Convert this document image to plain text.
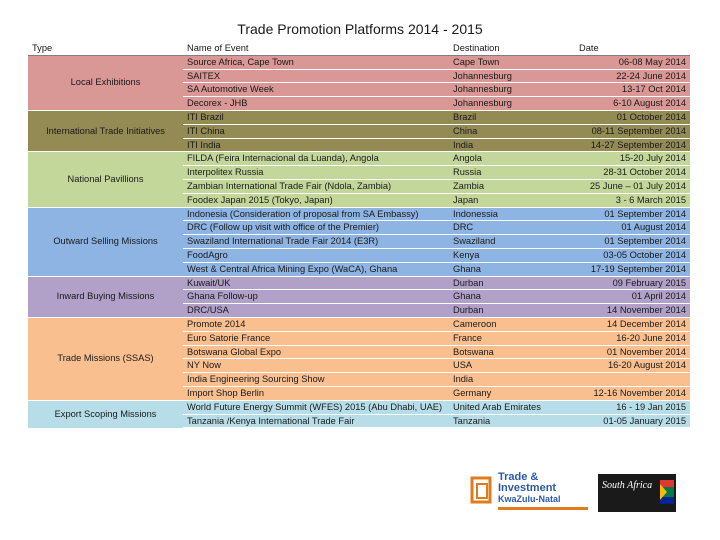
Trade Promotion Platforms 2014 - 2015
Type	Name of Event	Destination	Date
Local Exhibitions	Source Africa, Cape Town	Cape Town	06-08 May 2014
	SAITEX	Johannesburg	22-24 June 2014
	SA Automotive Week	Johannesburg	13-17 Oct 2014
	Decorex - JHB	Johannesburg	6-10 August 2014
International Trade Initiatives	ITI Brazil	Brazil	01 October 2014
	ITI China	China	08-11 September 2014
	ITI India	India	14-27 September 2014
National Pavillions	FILDA (Feira Internacional da Luanda), Angola	Angola	15-20 July 2014
	Interpolitex Russia	Russia	28-31 October 2014
	Zambian International Trade Fair (Ndola, Zambia)	Zambia	25 June – 01 July 2014
	Foodex Japan 2015 (Tokyo, Japan)	Japan	3 - 6 March 2015
Outward Selling Missions	Indonesia (Consideration of proposal from SA Embassy)	Indonessia	01 September 2014
	DRC (Follow up visit with office of the Premier)	DRC	01 August 2014
	Swaziland International Trade Fair 2014 (E3R)	Swaziland	01 September 2014
	FoodAgro	Kenya	03-05 October 2014
	West & Central Africa Mining Expo (WaCA), Ghana	Ghana	17-19 September 2014
Inward Buying Missions	Kuwait/UK	Durban	09 February 2015
	Ghana Follow-up	Ghana	01 April 2014
	DRC/USA	Durban	14 November 2014
Trade Missions (SSAS)	Promote 2014	Cameroon	14 December 2014
	Euro Satorie France	France	16-20 June 2014
	Botswana Global Expo	Botswana	01 November 2014
	NY Now	USA	16-20 August 2014
	India Engineering Sourcing Show	India	
	Import Shop Berlin	Germany	12-16 November 2014
Export Scoping Missions	World Future Energy Summit (WFES) 2015 (Abu Dhabi, UAE)	United Arab Emirates	16 - 19 Jan 2015
	Tanzania /Kenya International Trade Fair	Tanzania	01-05 January 2015

Trade &
Investment
KwaZulu-Natal
South Africa
